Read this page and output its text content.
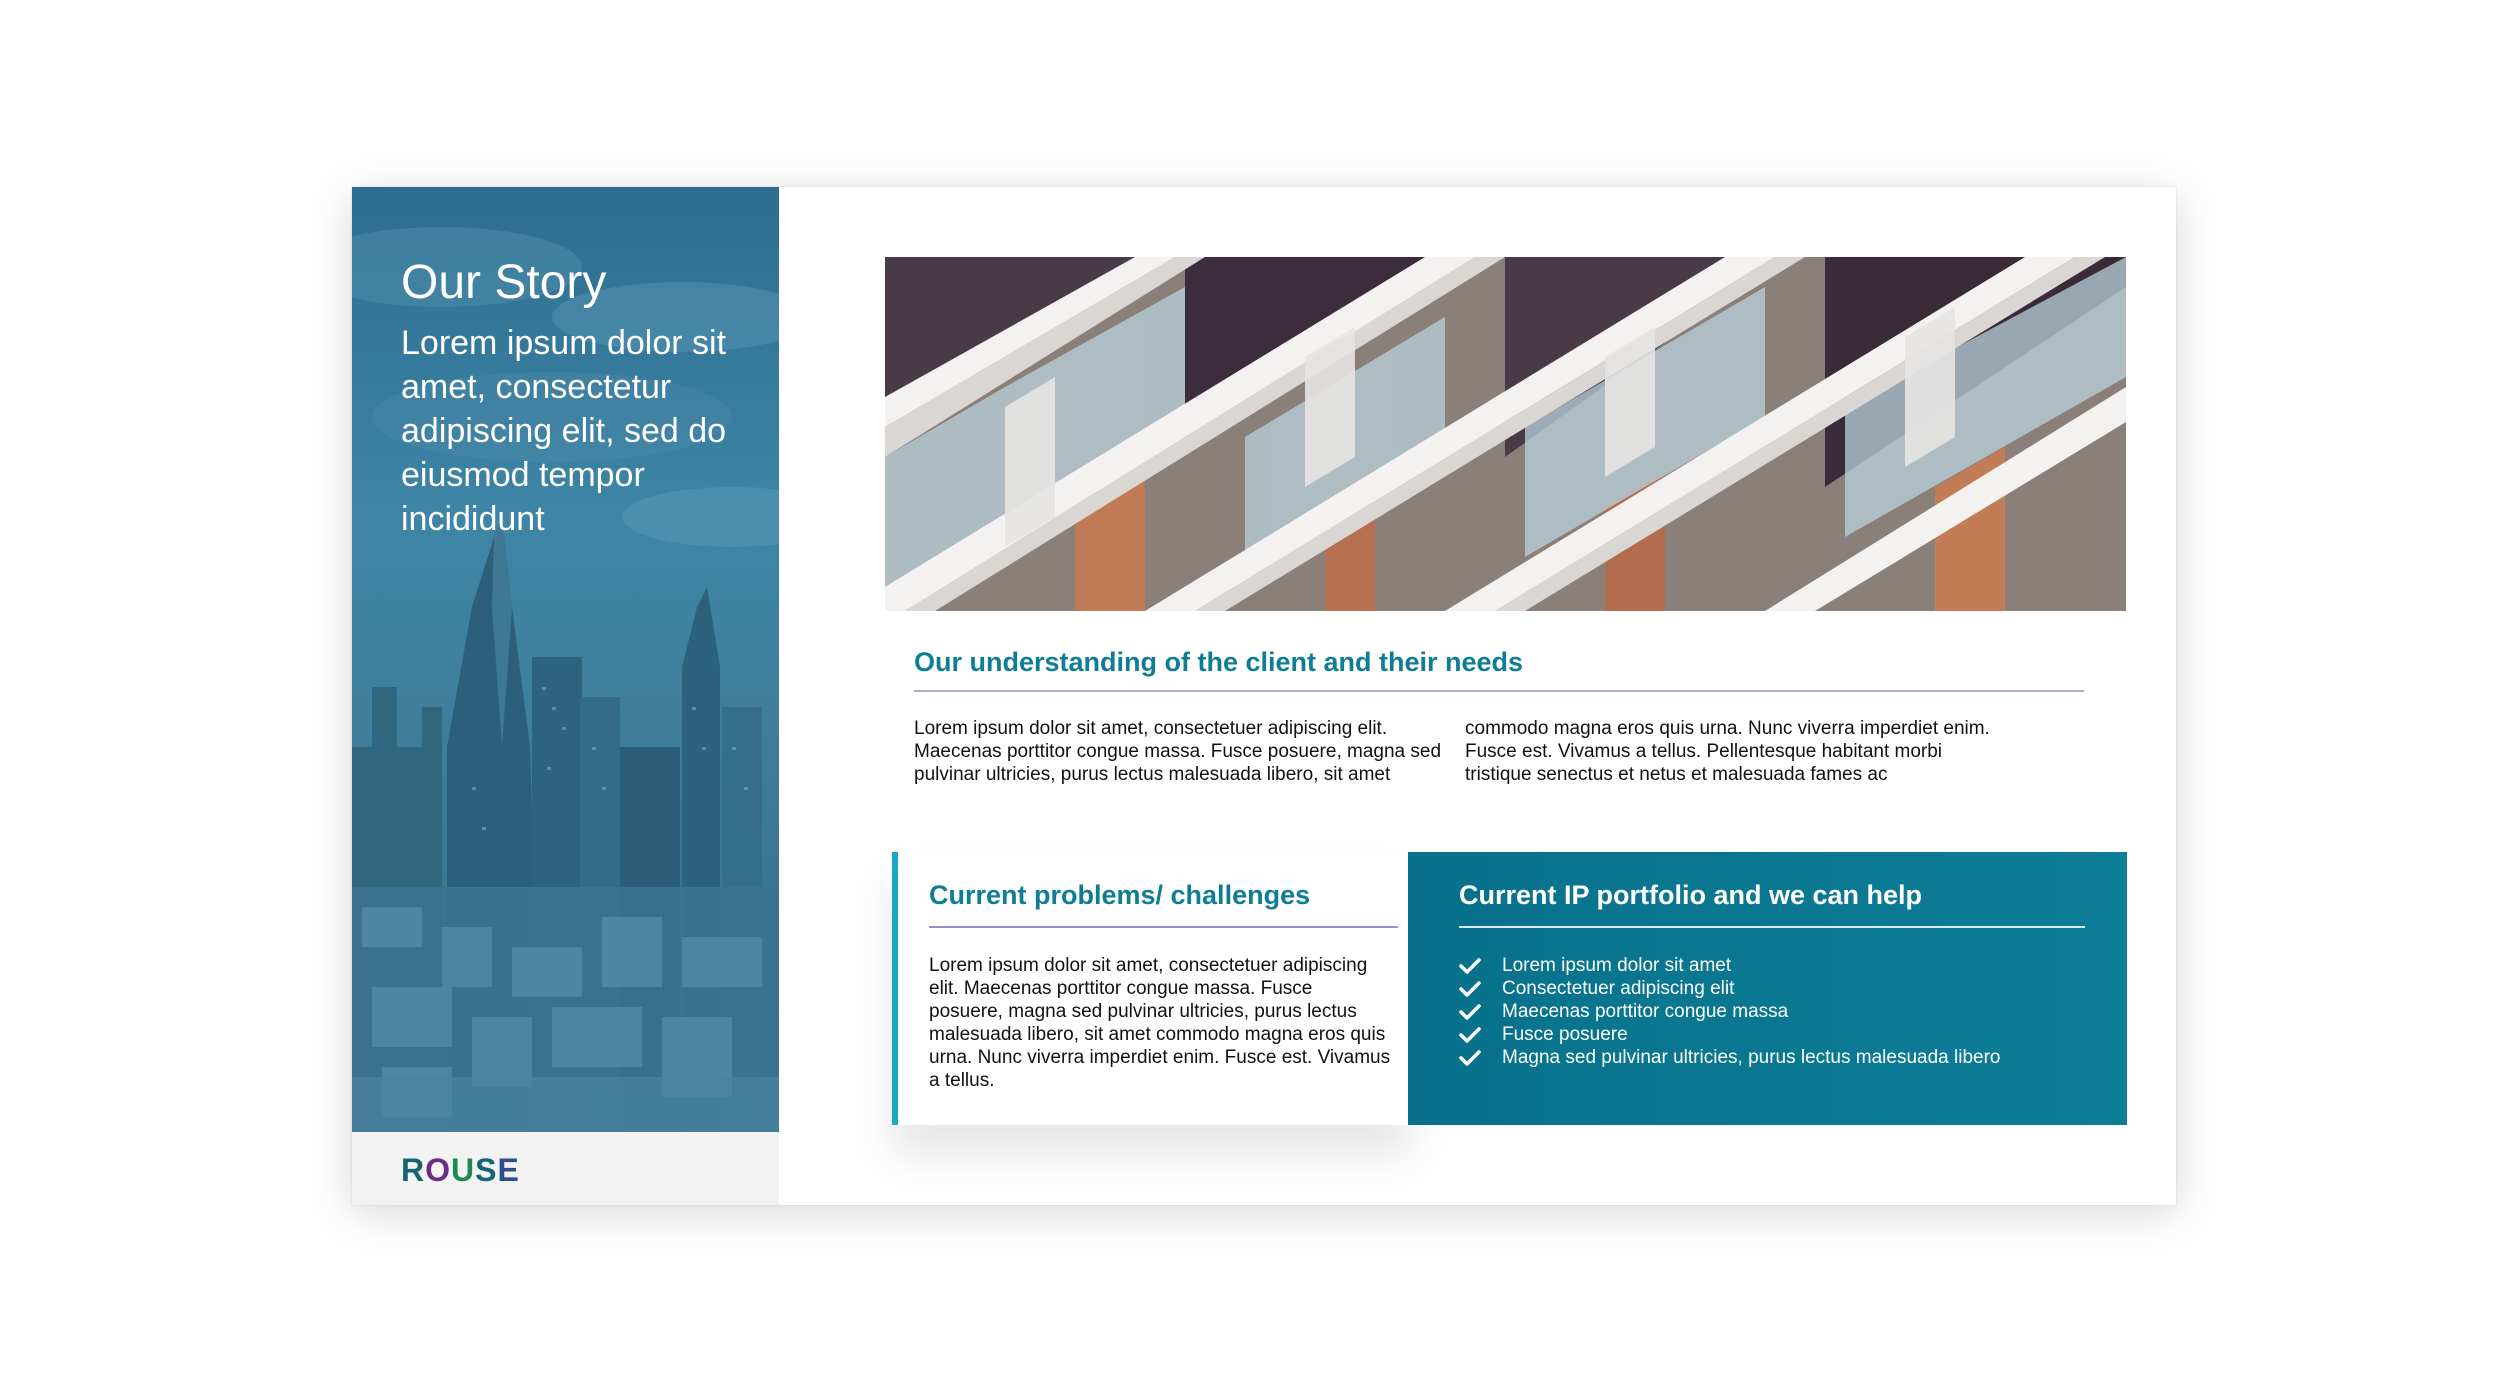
Our Story

Lorem ipsum dolor sit amet, consectetur adipiscing elit, sed do eiusmod tempor incididunt

R O U S E
Our understanding of the client and their needs

Lorem ipsum dolor sit amet, consectetuer adipiscing elit. Maecenas porttitor congue massa. Fusce posuere, magna sed pulvinar ultricies, purus lectus malesuada libero, sit amet

commodo magna eros quis urna. Nunc viverra imperdiet enim. Fusce est. Vivamus a tellus. Pellentesque habitant morbi tristique senectus et netus et malesuada fames ac

Current problems/ challenges

Lorem ipsum dolor sit amet, consectetuer adipiscing elit. Maecenas porttitor congue massa. Fusce posuere, magna sed pulvinar ultricies, purus lectus malesuada libero, sit amet commodo magna eros quis urna. Nunc viverra imperdiet enim. Fusce est. Vivamus a tellus.

Current IP portfolio and we can help
Lorem ipsum dolor sit amet
Consectetuer adipiscing elit
Maecenas porttitor congue massa
Fusce posuere
Magna sed pulvinar ultricies, purus lectus malesuada libero
